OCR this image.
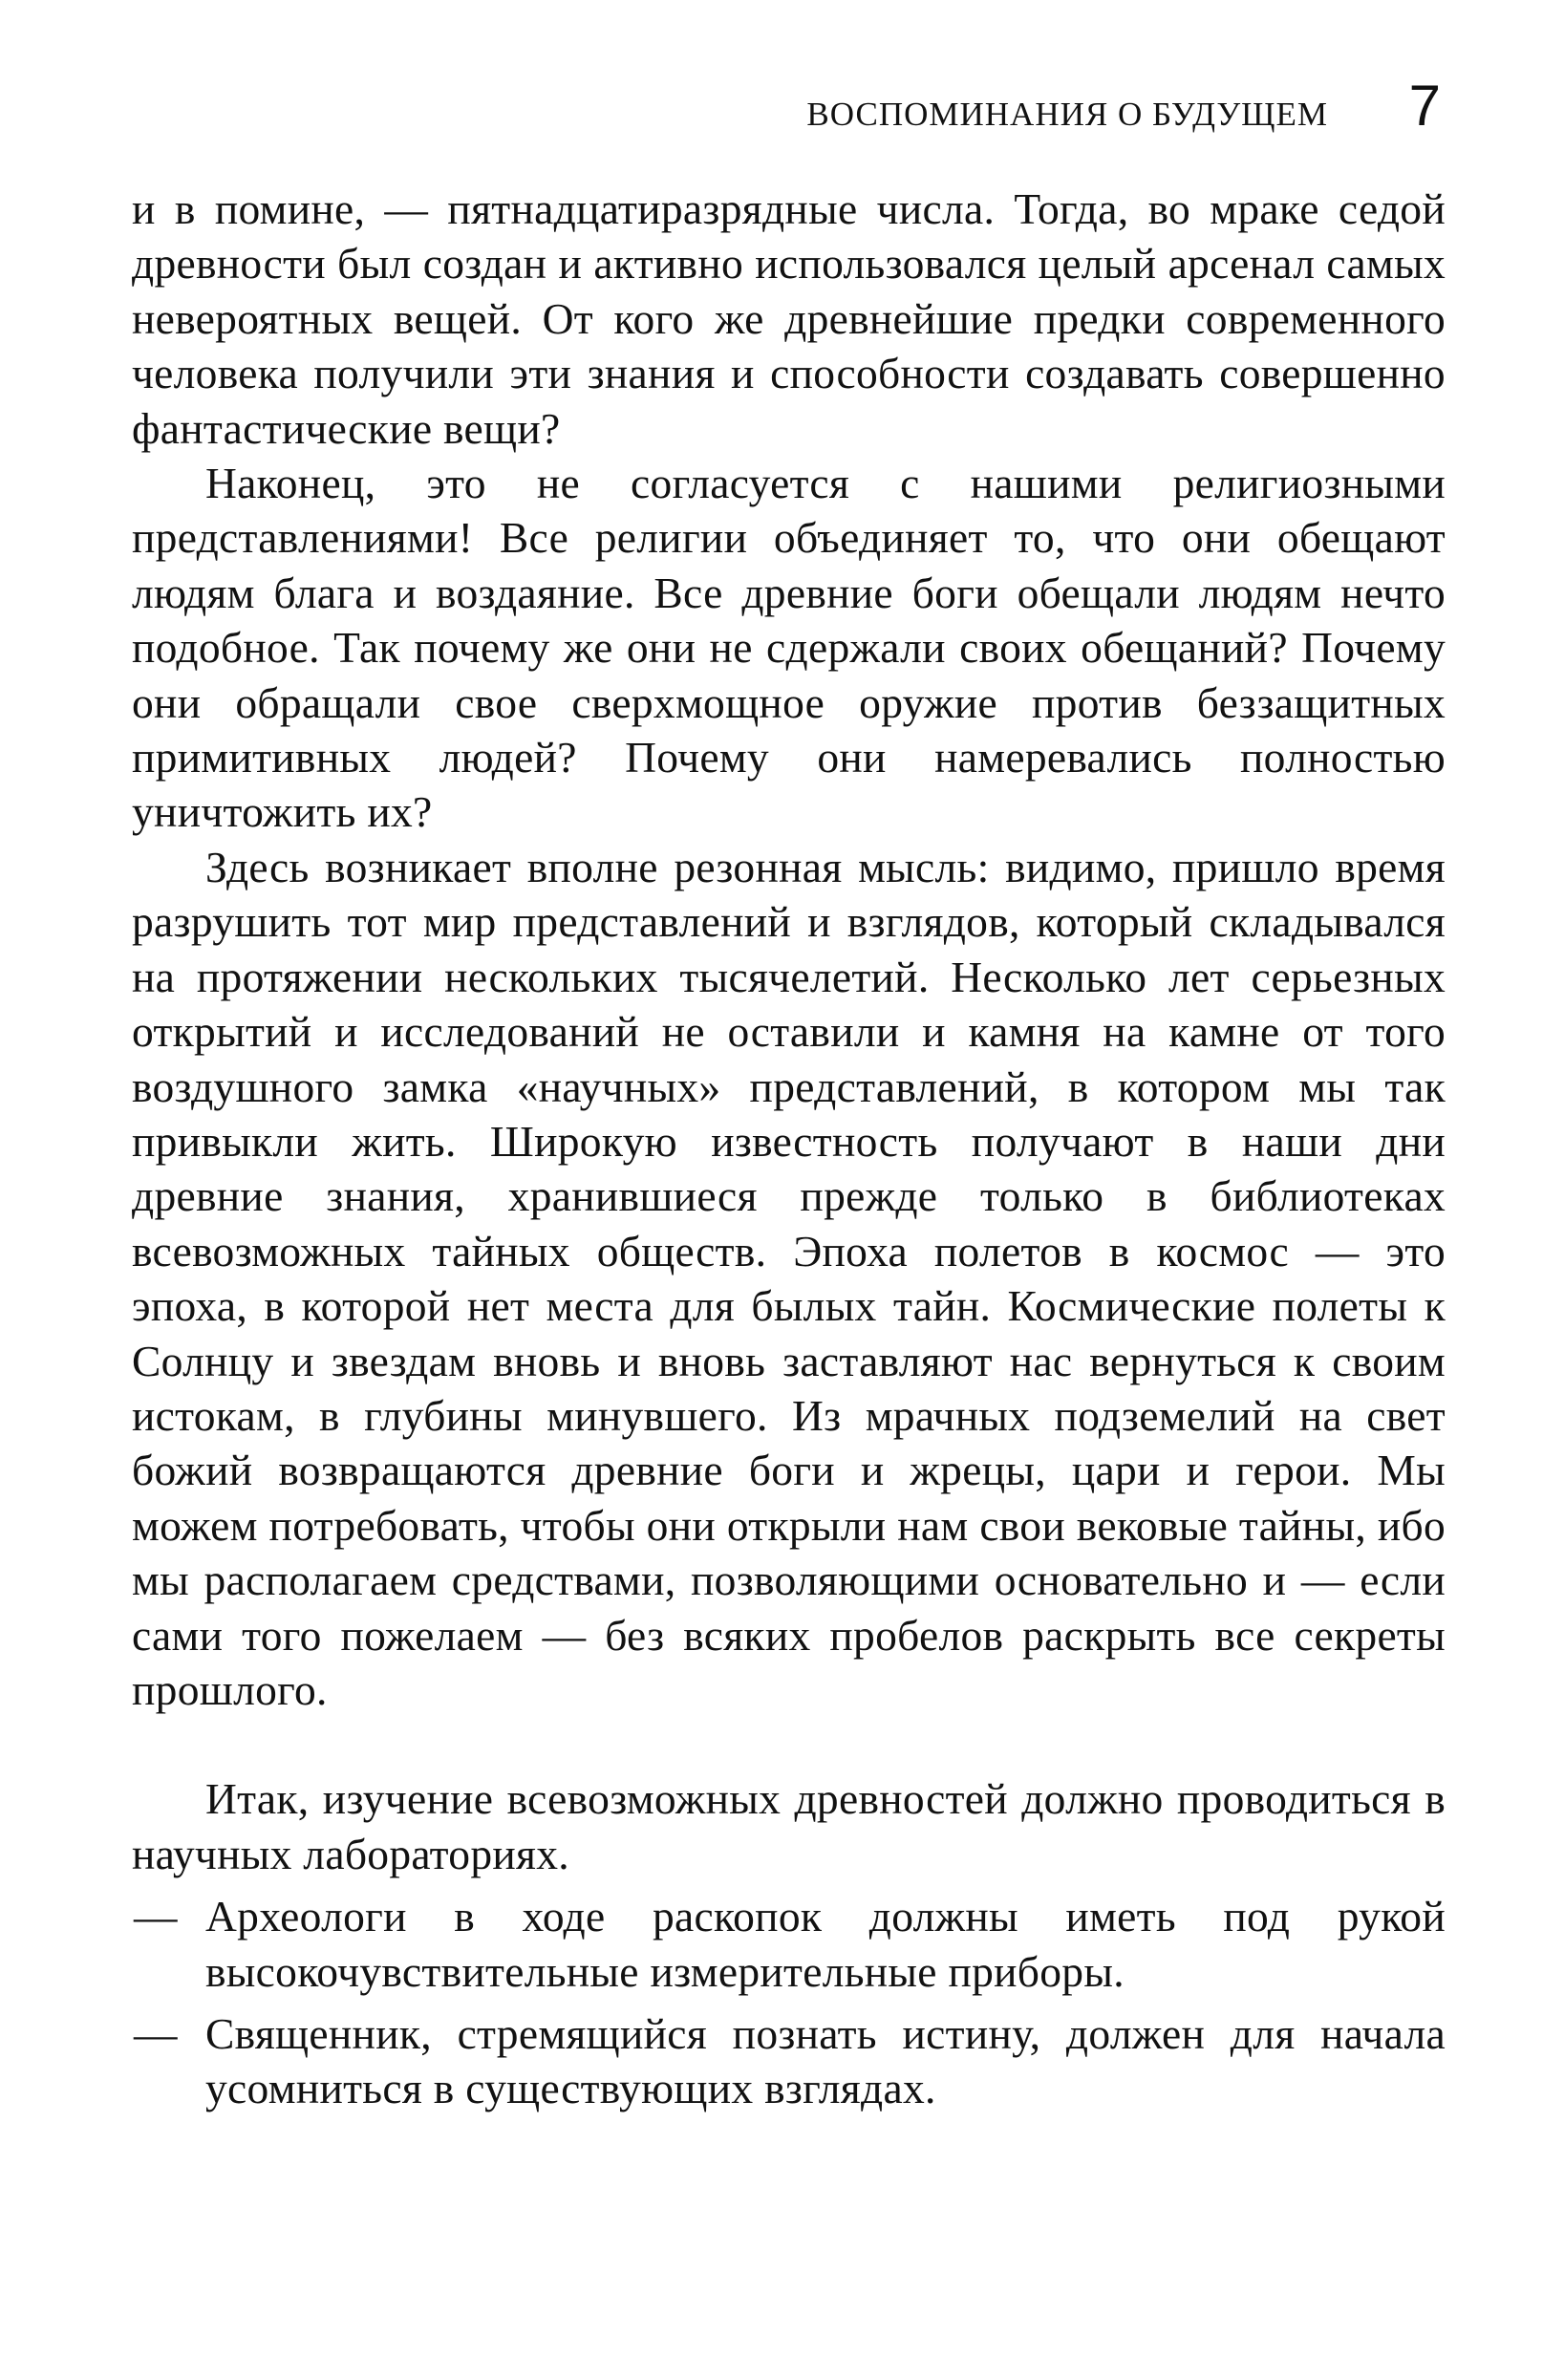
ВОСПОМИНАНИЯ О БУДУЩЕМ 7

и в помине, — пятнадцатиразрядные числа. Тогда, во мраке седой древности был создан и активно использовался целый арсенал самых невероятных вещей. От кого же древнейшие предки современного человека получили эти знания и способности создавать совершенно фантастические вещи?

Наконец, это не согласуется с нашими религиозными представлениями! Все религии объединяет то, что они обещают людям блага и воздаяние. Все древние боги обещали людям нечто подобное. Так почему же они не сдержали своих обещаний? Почему они обращали свое сверхмощное оружие против беззащитных примитивных людей? Почему они намеревались полностью уничтожить их?

Здесь возникает вполне резонная мысль: видимо, пришло время разрушить тот мир представлений и взглядов, который складывался на протяжении нескольких тысячелетий. Несколько лет серьезных открытий и исследований не оставили и камня на камне от того воздушного замка «научных» представлений, в котором мы так привыкли жить. Широкую известность получают в наши дни древние знания, хранившиеся прежде только в библиотеках всевозможных тайных обществ. Эпоха полетов в космос — это эпоха, в которой нет места для былых тайн. Космические полеты к Солнцу и звездам вновь и вновь заставляют нас вернуться к своим истокам, в глубины минувшего. Из мрачных подземелий на свет божий возвращаются древние боги и жрецы, цари и герои. Мы можем потребовать, чтобы они открыли нам свои вековые тайны, ибо мы располагаем средствами, позволяющими основательно и — если сами того пожелаем — без всяких пробелов раскрыть все секреты прошлого.

Итак, изучение всевозможных древностей должно проводиться в научных лабораториях.

— Археологи в ходе раскопок должны иметь под рукой высокочувствительные измерительные приборы.
— Священник, стремящийся познать истину, должен для начала усомниться в существующих взглядах.
